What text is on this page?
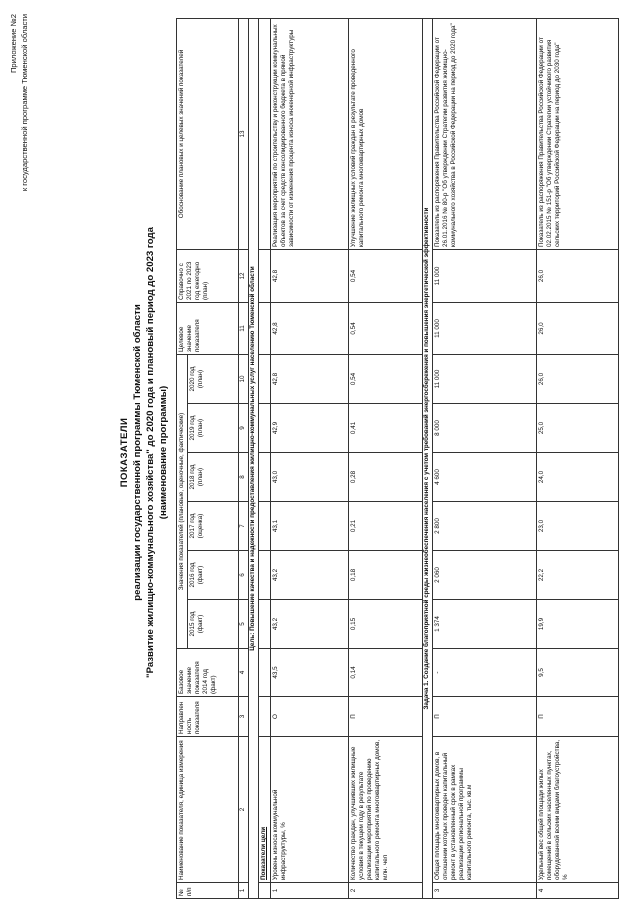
Приложение №2 к государственной программе Тюменской области
ПОКАЗАТЕЛИ реализации государственной программы Тюменской области "Развитие жилищно-коммунального хозяйства" до 2020 года и плановый период до 2023 года (наименование программы)
№ п/п	Наименование показателя, единица измерения	Направлен ность показателя	Базовое значение показателя 2014 год (факт)	Значения показателей (плановые, оценочные, фактические)						Целевое значение показателя	Справочно с 2021 по 2023 год ежегодно (план)	Обоснование плановых и целевых значений показателей
				2015 год (факт)	2016 год (факт)	2017 год (оценка)	2018 год (план)	2019 год (план)	2020 год (план)			
1	2	3	4	5	6	7	8	9	10	11	12	13
Цель: Повышение качества и надежности предоставления жилищно-коммунальных услуг населению Тюменской области												
	Показатели цели											
1	Уровень износа коммунальной инфраструктуры, %	О	43,5	43,2	43,2	43,1	43,0	42,9	42,8	42,8	42,8	Реализация мероприятий по строительству и реконструкции коммунальных объектов за счет средств консолидированного бюджета в прямой зависимости от изменения процента износа инженерной инфраструктуры
2	Количество граждан, улучшивших жилищные условия в текущем году в результате реализации мероприятий по проведению капитального ремонта многоквартирных домов, млн. чел	П	0,14	0,15	0,18	0,21	0,28	0,41	0,54	0,54	0,54	Улучшение жилищных условий граждан в результате проведенного капитального ремонта многоквартирных домов
Задача 1. Создание благоприятной среды жизнеобеспечения населения с учетом требований энергосбережения и повышения энергетической эффективности												
3	Общая площадь многоквартирных домов, в отношении которых проведен капитальный ремонт в установленный срок в рамках реализации региональной программы капитального ремонта, тыс. кв.м	П	-	1 374	2 060	2 800	4 600	8 000	11 000	11 000	11 000	Показатель из распоряжения Правительства Российской Федерации от 26.01.2016 № 80-р "Об утверждении Стратегии развития жилищно-коммунального хозяйства в Российской Федерации на период до 2020 года"
4	Удельный вес общей площади жилых помещений в сельских населенных пунктах, оборудованной всеми видами благоустройства, %	П	9,5	19,9	22,2	23,0	24,0	25,0	26,0	26,0	26,0	Показатель из распоряжения Правительства Российской Федерации от 02.02.2015 № 151-р "Об утверждении Стратегии устойчивого развития сельских территорий Российской Федерации на период до 2030 года"
